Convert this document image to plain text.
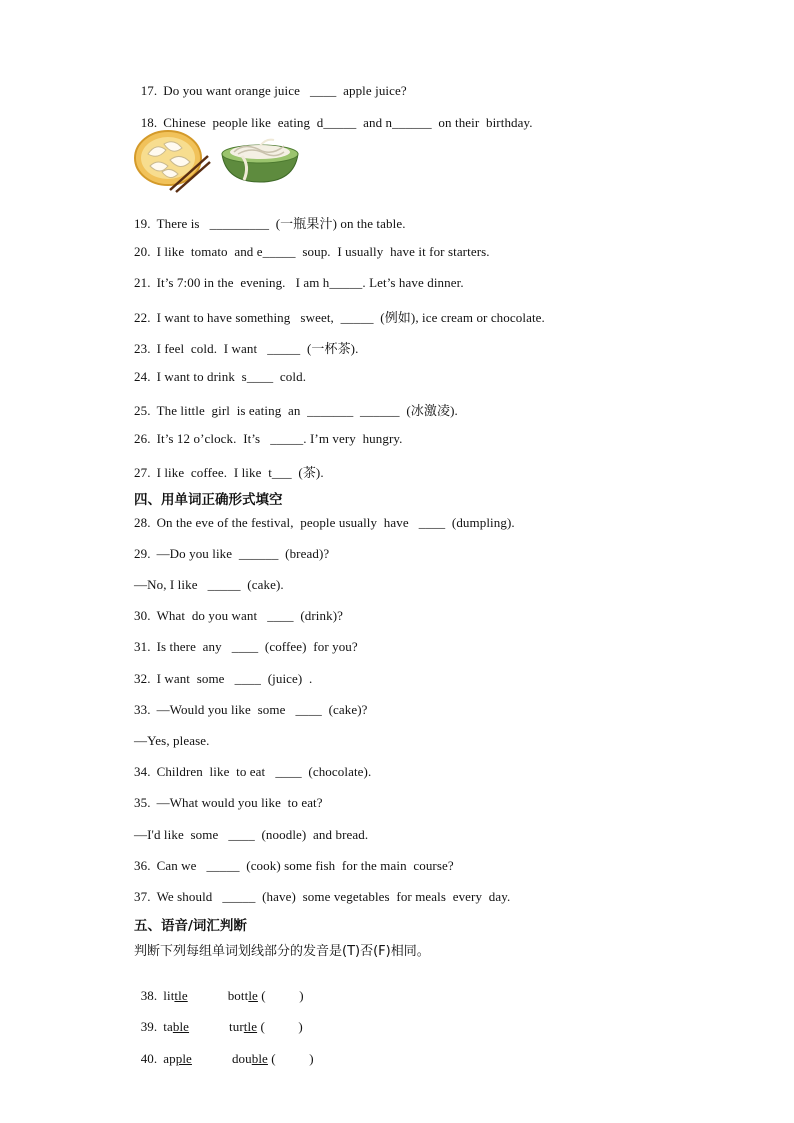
17. Do you want orange juice   ____  apple juice?

18. Chinese  people like  eating  d_____  and n______  on their  birthday.

19. There is   _________  (一瓶果汁) on the table.
20. I like  tomato  and e_____  soup.  I usually  have it for starters.
21. It’s 7:00 in the  evening.   I am h_____. Let’s have dinner.
22. I want to have something   sweet,  _____  (例如), ice cream or chocolate.
23. I feel  cold.  I want   _____  (一杯茶).
24. I want to drink  s____  cold.
25. The little  girl  is eating  an  _______  ______  (冰激凌).
26. It’s 12 o’clock.  It’s   _____. I’m very  hungry.
27. I like  coffee.  I like  t___  (茶).
四、用单词正确形式填空
28. On the eve of the festival,  people usually  have   ____  (dumpling).
29. —Do you like  ______  (bread)?
—No, I like   _____  (cake).
30. What  do you want   ____  (drink)?
31. Is there  any   ____  (coffee)  for you?
32. I want  some   ____  (juice)  .
33. —Would you like  some   ____  (cake)?
—Yes, please.
34. Children  like  to eat   ____  (chocolate).
35. —What would you like  to eat?
—I'd like  some   ____  (noodle)  and bread.
36. Can we   _____  (cook) some fish  for the main  course?
37. We should   _____  (have)  some vegetables  for meals  every  day.
五、语音/词汇判断
判断下列每组单词划线部分的发音是(T)否(F)相同。

38. little	bottle (          )

39. table	turtle (          )

40. apple	double (          )
